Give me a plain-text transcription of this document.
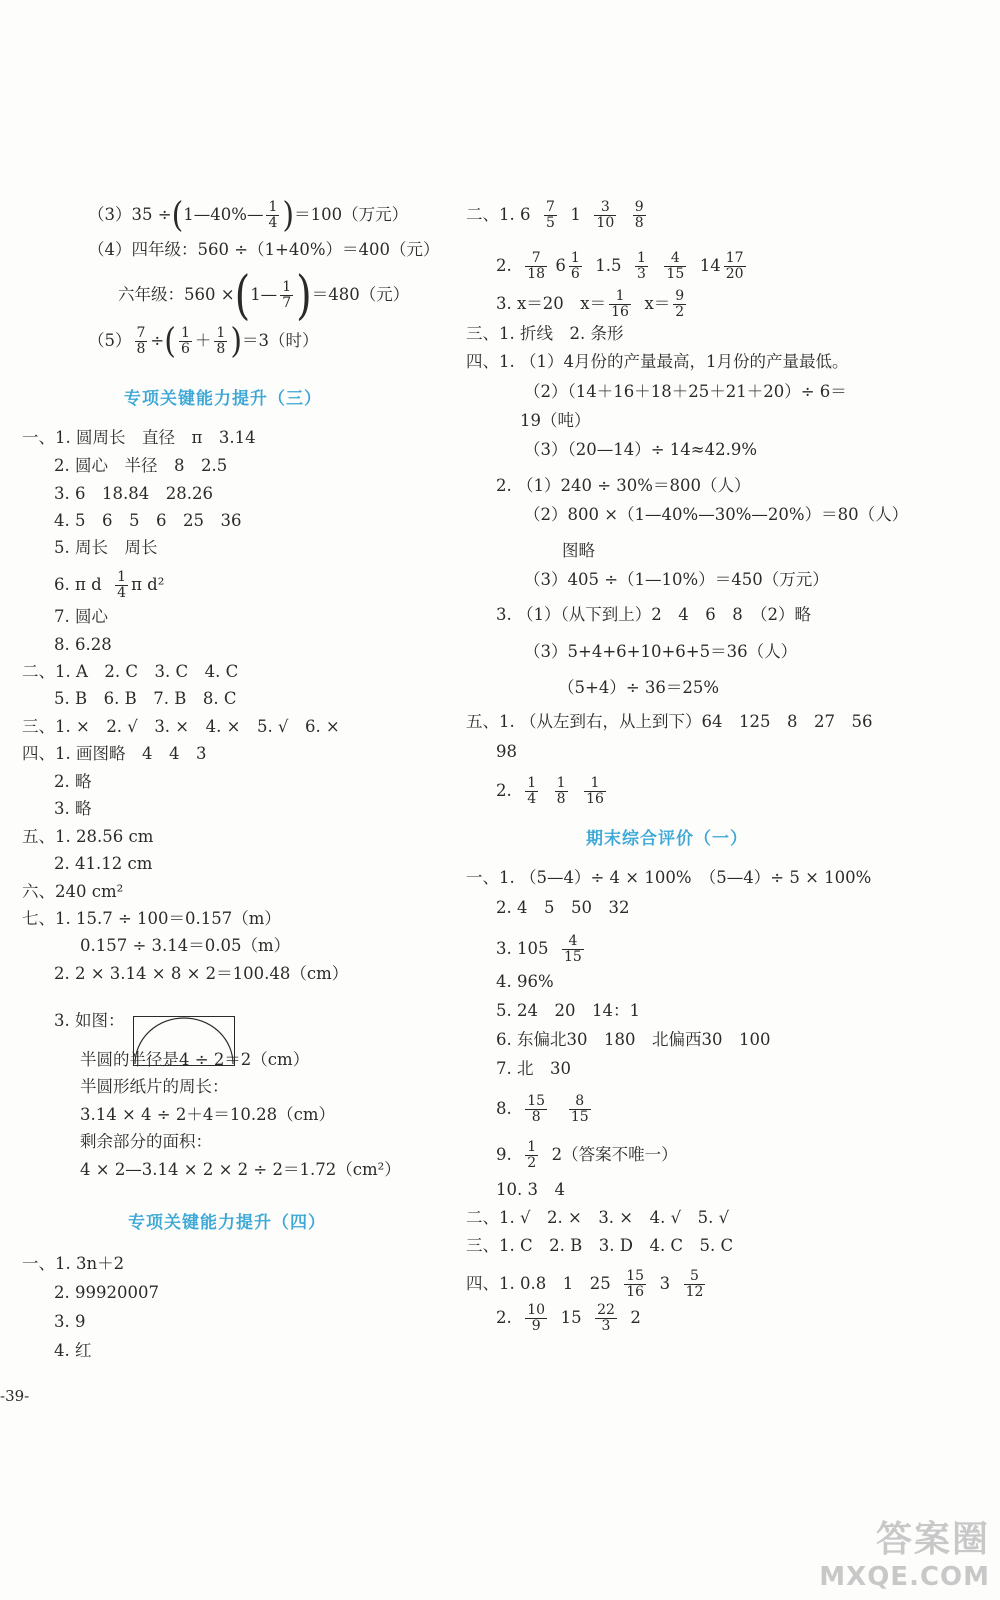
（3）35 ÷(1—40%— $\frac{1}{4} )=100$（万元）
（4）四年级：560 ÷（1+40%）＝400（元）
六年级：560 ×(1— $\frac{1}{7} )=480$（元）
$(5) \frac{7}{8}$ ÷( $\frac{1}{6} + \frac{1}{8} )=3$（时）
专项关键能力提升（三）
一、1. 圆周长　直径　π　3.14
2. 圆心　半径　8　2.5
3. 6　18.84　28.26
4. 5　6　5　6　25　36
5. 周长　周长
6. π d $\frac{1}{4}$ π d²
7. 圆心
8. 6.28
二、1. A　2. C　3. C　4. C
5. B　6. B　7. B　8. C
三、1. ×　2. √　3. ×　4. ×　5. √　6. ×
四、1. 画图略　4　4　3
2. 略
3. 略
五、1. 28.56 cm
2. 41.12 cm
六、240 cm²
七、1. 15.7 ÷ 100＝0.157（m）
0.157 ÷ 3.14＝0.05（m）
2. 2 × 3.14 × 8 × 2＝100.48（cm）
3. 如图：
半圆的半径是4 ÷ 2＝2（cm）
半圆形纸片的周长：
3.14 × 4 ÷ 2＋4＝10.28（cm）
剩余部分的面积：
4 × 2—3.14 × 2 × 2 ÷ 2＝1.72（cm²）
专项关键能力提升（四）
一、1. 3n＋2
2. 99920007
3. 9
4. 红
-39-
二、1. $6 \frac{7}{5} 1 \frac{3}{10}$
$\frac{9}{8}$
2. $\frac{7}{18} 6 \frac{1}{6} 1.5 \frac{1}{3}$
$\frac{4}{15} 14 \frac{17}{20}$
3. x＝20　$x= \frac{1}{16} x= \frac{9}{2}$
三、1. 折线　2. 条形
四、1. （1）4月份的产量最高，1月份的产量最低。
（2）（14＋16＋18＋25＋21＋20）÷ 6＝
19（吨）
（3）（20—14）÷ 14≈42.9%
2. （1）240 ÷ 30%＝800（人）
（2）800 ×（1—40%—30%—20%）＝80（人）
图略
（3）405 ÷（1—10%）＝450（万元）
3. （1）（从下到上）2　4　6　8　（2）略
（3）5+4+6+10+6+5＝36（人）
（5+4）÷ 36＝25%
五、1. （从左到右，从上到下）64　125　8　27　56
98
2. $\frac{1}{4}$
$\frac{1}{8}$
$\frac{1}{16}$
期末综合评价（一）
一、1. （5—4）÷ 4 × 100%　（5—4）÷ 5 × 100%
2. 4　5　50　32
3. $105 \frac{4}{15}$
4. 96%
5. 24　20　14：1
6. 东偏北30　180　北偏西30　100
7. 北　30
8. $\frac{15}{8}$
$\frac{8}{15}$
9. $\frac{1}{2} 2$（答案不唯一）
10. 3　4
二、1. √　2. ×　3. ×　4. √　5. √
三、1. C　2. B　3. D　4. C　5. C
四、1. 0.8　1　$25 \frac{15}{16} 3 \frac{5}{12}$
2. $\frac{10}{9} 15 \frac{22}{3} 2$
答案圈
MXQE.COM
